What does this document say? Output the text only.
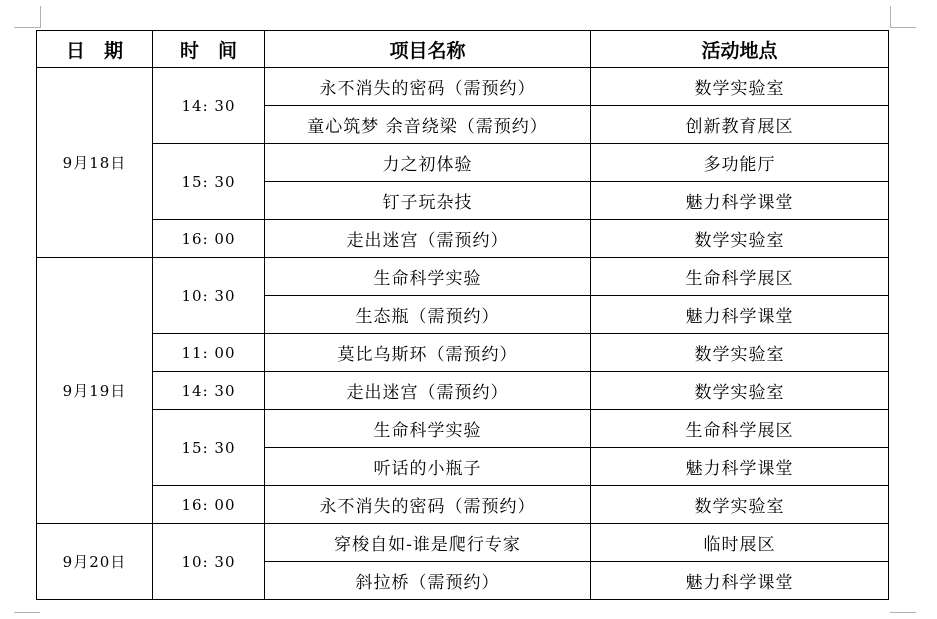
日　期	时　间	项目名称	活动地点
9月18日	14: 30	永不消失的密码（需预约）	数学实验室
		童心筑梦 余音绕梁（需预约）	创新教育展区
	15: 30	力之初体验	多功能厅
		钉子玩杂技	魅力科学课堂
	16: 00	走出迷宫（需预约）	数学实验室
9月19日	10: 30	生命科学实验	生命科学展区
		生态瓶（需预约）	魅力科学课堂
	11: 00	莫比乌斯环（需预约）	数学实验室
	14: 30	走出迷宫（需预约）	数学实验室
	15: 30	生命科学实验	生命科学展区
		听话的小瓶子	魅力科学课堂
	16: 00	永不消失的密码（需预约）	数学实验室
9月20日	10: 30	穿梭自如-谁是爬行专家	临时展区
		斜拉桥（需预约）	魅力科学课堂
